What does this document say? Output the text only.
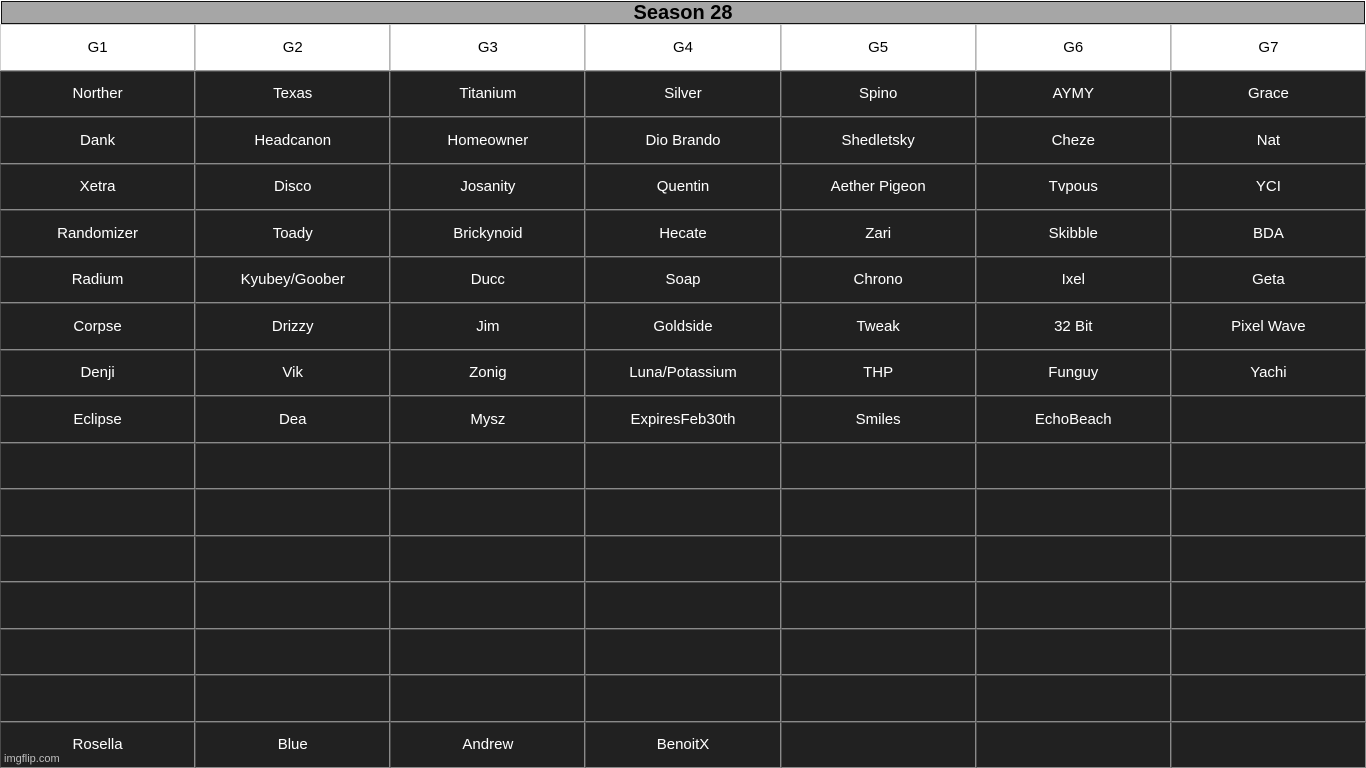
Season 28
G1	G2	G3	G4	G5	G6	G7
Norther	Texas	Titanium	Silver	Spino	AYMY	Grace
Dank	Headcanon	Homeowner	Dio Brando	Shedletsky	Cheze	Nat
Xetra	Disco	Josanity	Quentin	Aether Pigeon	Tvpous	YCI
Randomizer	Toady	Brickynoid	Hecate	Zari	Skibble	BDA
Radium	Kyubey/Goober	Ducc	Soap	Chrono	Ixel	Geta
Corpse	Drizzy	Jim	Goldside	Tweak	32 Bit	Pixel Wave
Denji	Vik	Zonig	Luna/Potassium	THP	Funguy	Yachi
Eclipse	Dea	Mysz	ExpiresFeb30th	Smiles	EchoBeach
Rosella	Blue	Andrew	BenoitX
imgflip.com
